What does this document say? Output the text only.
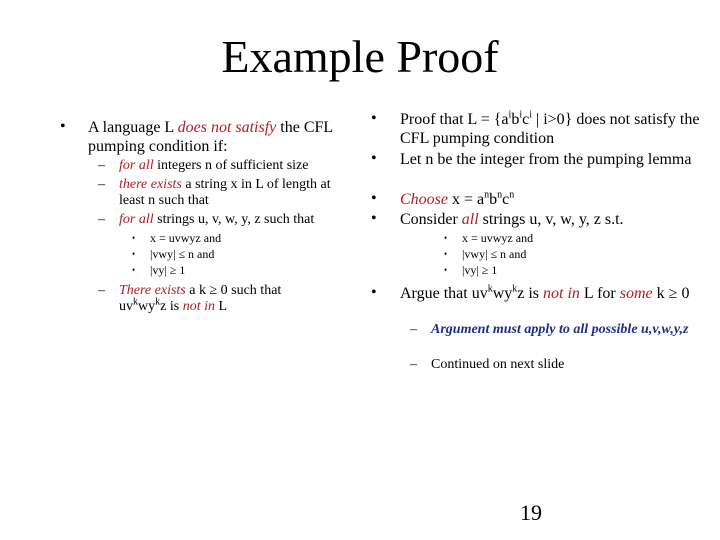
Example Proof
• A language L does not satisfy the CFL pumping condition if:
– for all integers n of sufficient size
– there exists a string x in L of length at least n such that
– for all strings u, v, w, y, z such that
• x = uvwyz and
• |vwy| ≤ n and
• |vy| ≥ 1
– There exists a k ≥ 0 such that $uv^kwy^kz$ is not in L
• Proof that $L = \{a^ib^ic^i$ | i>0} does not satisfy the CFL pumping condition
• Let n be the integer from the pumping lemma
• Choose $x = a^nb^nc^n$
• Consider all strings u, v, w, y, z s.t.
• x = uvwyz and
• |vwy| ≤ n and
• |vy| ≥ 1
• Argue that $uv^kwy^kz$ is not in L for some k ≥ 0
– Argument must apply to all possible u,v,w,y,z
– Continued on next slide
19
